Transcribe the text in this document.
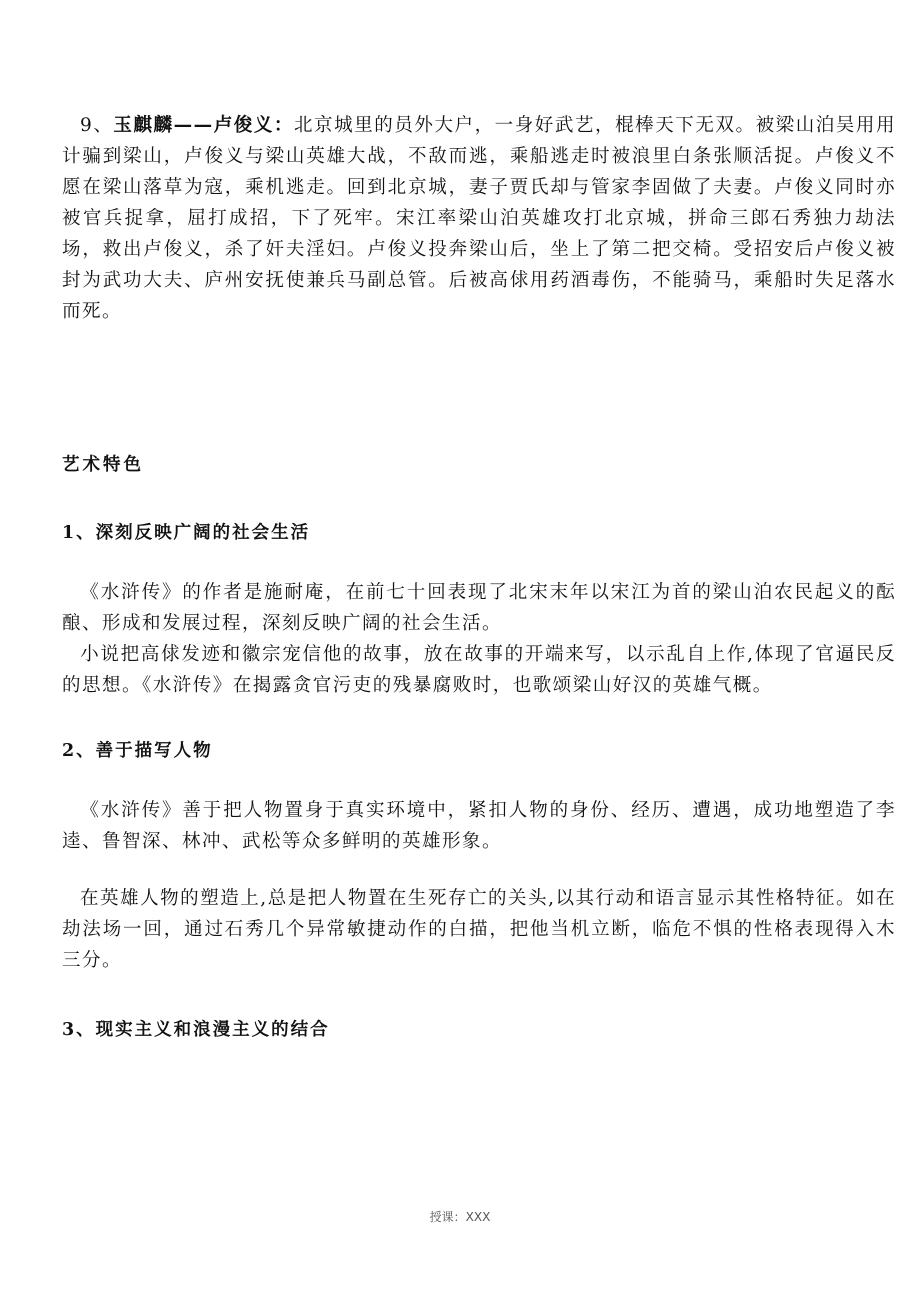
9、玉麒麟——卢俊义：北京城里的员外大户，一身好武艺，棍棒天下无双。被梁山泊吴用用计骗到梁山，卢俊义与梁山英雄大战，不敌而逃，乘船逃走时被浪里白条张顺活捉。卢俊义不愿在梁山落草为寇，乘机逃走。回到北京城，妻子贾氏却与管家李固做了夫妻。卢俊义同时亦被官兵捉拿，屈打成招，下了死牢。宋江率梁山泊英雄攻打北京城，拼命三郎石秀独力劫法场，救出卢俊义，杀了奸夫淫妇。卢俊义投奔梁山后，坐上了第二把交椅。受招安后卢俊义被封为武功大夫、庐州安抚使兼兵马副总管。后被高俅用药酒毒伤，不能骑马，乘船时失足落水而死。

艺术特色

1、深刻反映广阔的社会生活

《水浒传》的作者是施耐庵，在前七十回表现了北宋末年以宋江为首的梁山泊农民起义的酝酿、形成和发展过程，深刻反映广阔的社会生活。

小说把高俅发迹和徽宗宠信他的故事，放在故事的开端来写，以示乱自上作,体现了官逼民反的思想。《水浒传》在揭露贪官污吏的残暴腐败时，也歌颂梁山好汉的英雄气概。

2、善于描写人物

《水浒传》善于把人物置身于真实环境中，紧扣人物的身份、经历、遭遇，成功地塑造了李逵、鲁智深、林冲、武松等众多鲜明的英雄形象。

在英雄人物的塑造上,总是把人物置在生死存亡的关头,以其行动和语言显示其性格特征。如在劫法场一回，通过石秀几个异常敏捷动作的白描，把他当机立断，临危不惧的性格表现得入木三分。

3、现实主义和浪漫主义的结合

授课：XXX
